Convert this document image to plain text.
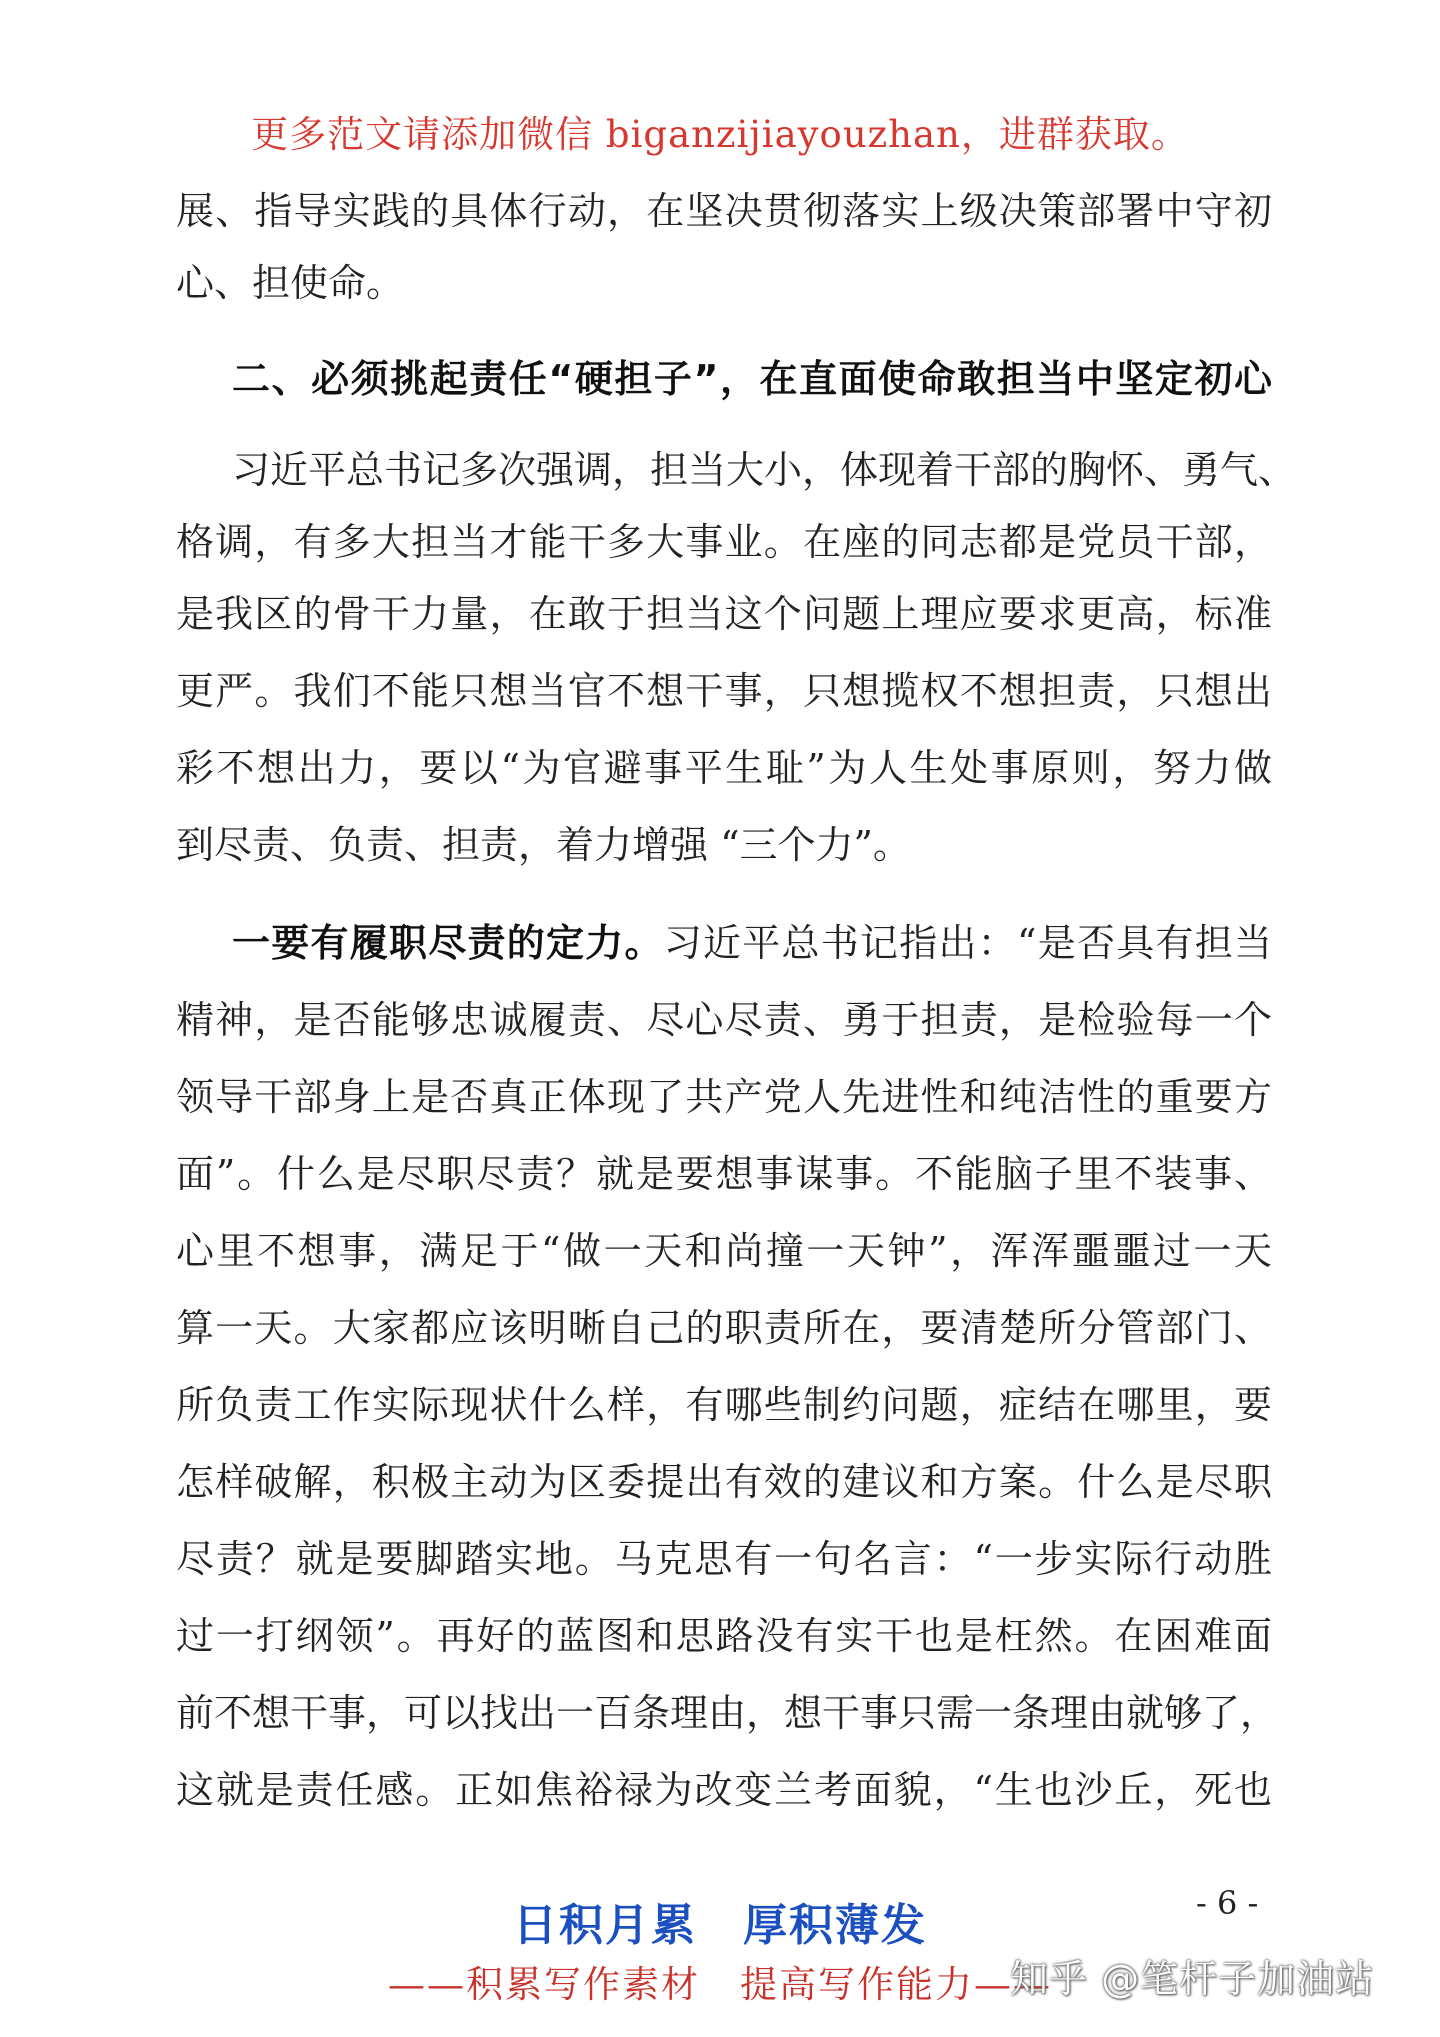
更多范文请添加微信 biganzijiayouzhan，进群获取。
展、指导实践的具体行动，在坚决贯彻落实上级决策部署中守初
心、担使命。
二、必须挑起责任“硬担子”，在直面使命敢担当中坚定初心
习近平总书记多次强调，担当大小，体现着干部的胸怀、勇气、
格调，有多大担当才能干多大事业。在座的同志都是党员干部，
是我区的骨干力量，在敢于担当这个问题上理应要求更高，标准
更严。我们不能只想当官不想干事，只想揽权不想担责，只想出
彩不想出力，要以“为官避事平生耻”为人生处事原则，努力做
到尽责、负责、担责，着力增强 “三个力”。
一要有履职尽责的定力。习近平总书记指出：“是否具有担当
精神，是否能够忠诚履责、尽心尽责、勇于担责，是检验每一个
领导干部身上是否真正体现了共产党人先进性和纯洁性的重要方
面”。什么是尽职尽责？就是要想事谋事。不能脑子里不装事、
心里不想事，满足于“做一天和尚撞一天钟”，浑浑噩噩过一天
算一天。大家都应该明晰自己的职责所在，要清楚所分管部门、
所负责工作实际现状什么样，有哪些制约问题，症结在哪里，要
怎样破解，积极主动为区委提出有效的建议和方案。什么是尽职
尽责？就是要脚踏实地。马克思有一句名言：“一步实际行动胜
过一打纲领”。再好的蓝图和思路没有实干也是枉然。在困难面
前不想干事，可以找出一百条理由，想干事只需一条理由就够了，
这就是责任感。正如焦裕禄为改变兰考面貌，“生也沙丘，死也
日积月累 厚积薄发	- 6 -
——积累写作素材 提高写作能力——
知乎 @笔杆子加油站
